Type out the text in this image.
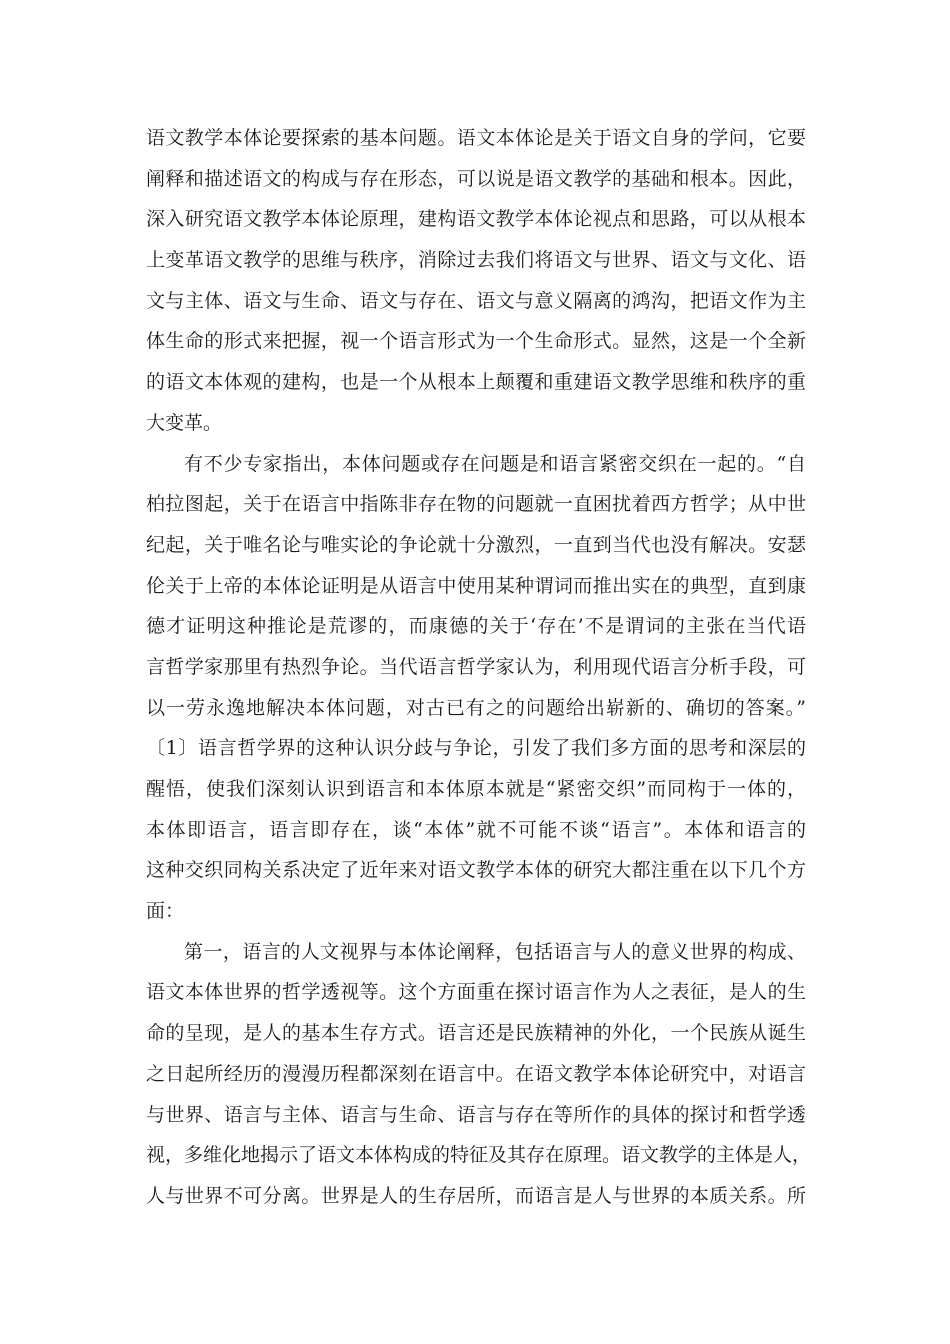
语文教学本体论要探索的基本问题。语文本体论是关于语文自身的学问，它要
阐释和描述语文的构成与存在形态，可以说是语文教学的基础和根本。因此，
深入研究语文教学本体论原理，建构语文教学本体论视点和思路，可以从根本
上变革语文教学的思维与秩序，消除过去我们将语文与世界、语文与文化、语
文与主体、语文与生命、语文与存在、语文与意义隔离的鸿沟，把语文作为主
体生命的形式来把握，视一个语言形式为一个生命形式。显然，这是一个全新
的语文本体观的建构，也是一个从根本上颠覆和重建语文教学思维和秩序的重
大变革。
有不少专家指出，本体问题或存在问题是和语言紧密交织在一起的。“自
柏拉图起，关于在语言中指陈非存在物的问题就一直困扰着西方哲学；从中世
纪起，关于唯名论与唯实论的争论就十分激烈，一直到当代也没有解决。安瑟
伦关于上帝的本体论证明是从语言中使用某种谓词而推出实在的典型，直到康
德才证明这种推论是荒谬的，而康德的关于‘存在’不是谓词的主张在当代语
言哲学家那里有热烈争论。当代语言哲学家认为，利用现代语言分析手段，可
以一劳永逸地解决本体问题，对古已有之的问题给出崭新的、确切的答案。”
〔1〕语言哲学界的这种认识分歧与争论，引发了我们多方面的思考和深层的
醒悟，使我们深刻认识到语言和本体原本就是“紧密交织”而同构于一体的，
本体即语言，语言即存在，谈“本体”就不可能不谈“语言”。本体和语言的
这种交织同构关系决定了近年来对语文教学本体的研究大都注重在以下几个方
面：
第一，语言的人文视界与本体论阐释，包括语言与人的意义世界的构成、
语文本体世界的哲学透视等。这个方面重在探讨语言作为人之表征，是人的生
命的呈现，是人的基本生存方式。语言还是民族精神的外化，一个民族从诞生
之日起所经历的漫漫历程都深刻在语言中。在语文教学本体论研究中，对语言
与世界、语言与主体、语言与生命、语言与存在等所作的具体的探讨和哲学透
视，多维化地揭示了语文本体构成的特征及其存在原理。语文教学的主体是人，
人与世界不可分离。世界是人的生存居所，而语言是人与世界的本质关系。所
